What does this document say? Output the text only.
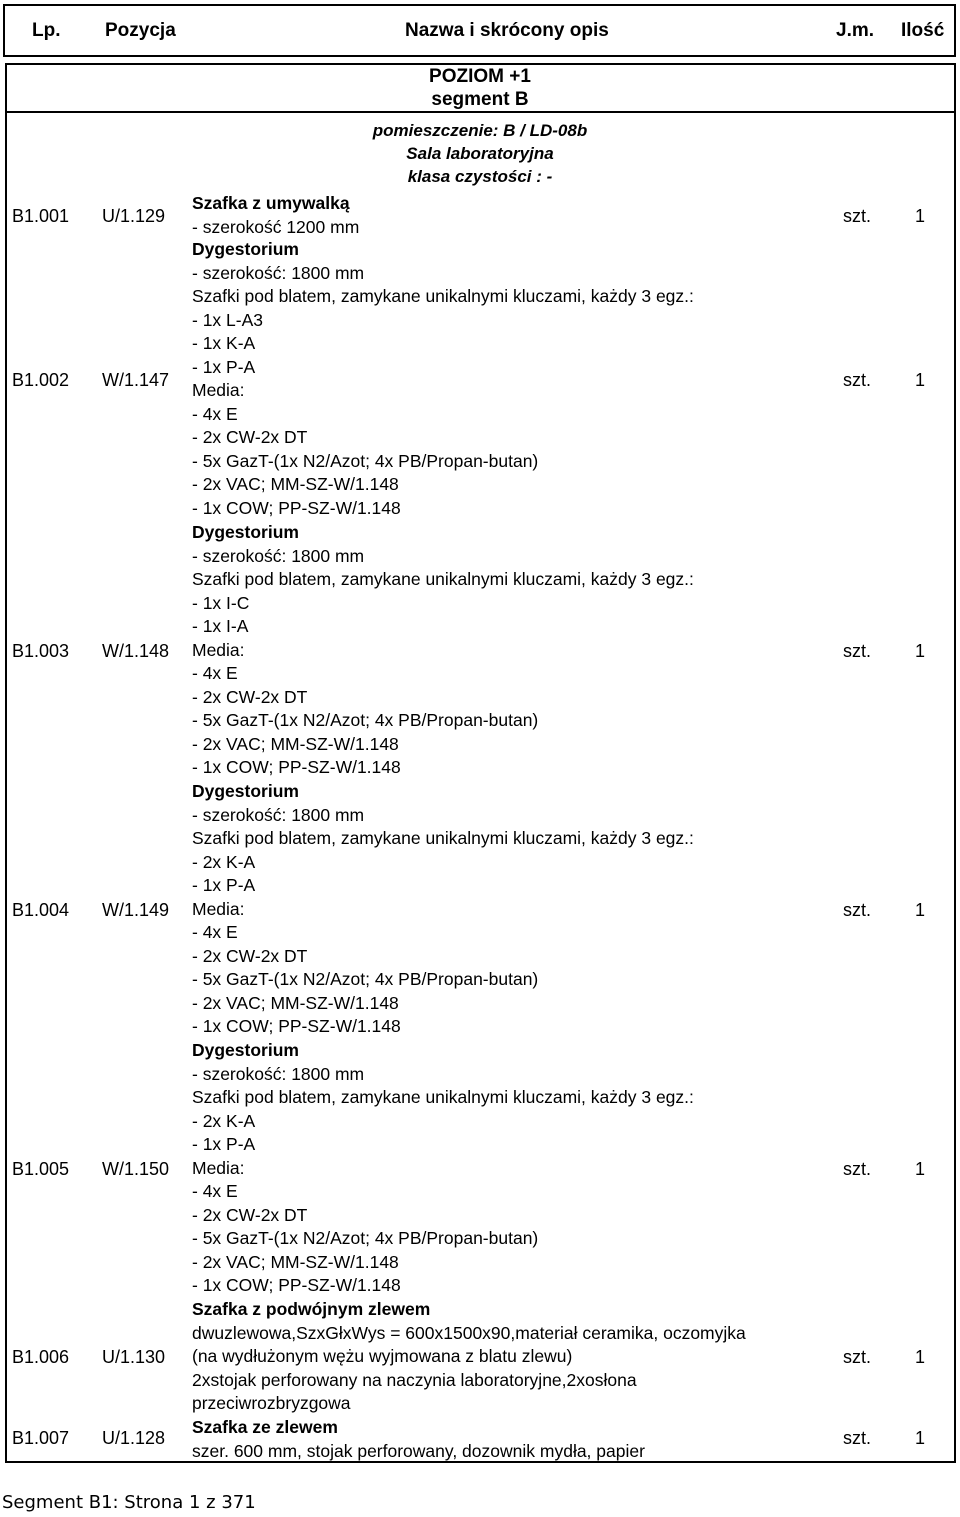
Lp. Pozycja	Nazwa i skrócony opis	J.m. Ilość
POZIOM +1
segment B
pomieszczenie: B / LD-08b
Sala laboratoryjna
klasa czystości : -
B1.001 U/1.129
Szafka z umywalką
- szerokość 1200 mm
szt. 1
B1.002 W/1.147
Dygestorium
- szerokość: 1800 mm
Szafki pod blatem, zamykane unikalnymi kluczami, każdy 3 egz.:
- 1x L-A3
- 1x K-A
- 1x P-A
Media:
- 4x E
- 2x CW-2x DT
- 5x GazT-(1x N2/Azot; 4x PB/Propan-butan)
- 2x VAC; MM-SZ-W/1.148
- 1x COW; PP-SZ-W/1.148
szt. 1
B1.003 W/1.148
Dygestorium
- szerokość: 1800 mm
Szafki pod blatem, zamykane unikalnymi kluczami, każdy 3 egz.:
- 1x I-C
- 1x I-A
Media:
- 4x E
- 2x CW-2x DT
- 5x GazT-(1x N2/Azot; 4x PB/Propan-butan)
- 2x VAC; MM-SZ-W/1.148
- 1x COW; PP-SZ-W/1.148
szt. 1
B1.004 W/1.149
Dygestorium
- szerokość: 1800 mm
Szafki pod blatem, zamykane unikalnymi kluczami, każdy 3 egz.:
- 2x K-A
- 1x P-A
Media:
- 4x E
- 2x CW-2x DT
- 5x GazT-(1x N2/Azot; 4x PB/Propan-butan)
- 2x VAC; MM-SZ-W/1.148
- 1x COW; PP-SZ-W/1.148
szt. 1
B1.005 W/1.150
Dygestorium
- szerokość: 1800 mm
Szafki pod blatem, zamykane unikalnymi kluczami, każdy 3 egz.:
- 2x K-A
- 1x P-A
Media:
- 4x E
- 2x CW-2x DT
- 5x GazT-(1x N2/Azot; 4x PB/Propan-butan)
- 2x VAC; MM-SZ-W/1.148
- 1x COW; PP-SZ-W/1.148
szt. 1
B1.006 U/1.130
Szafka z podwójnym zlewem
dwuzlewowa,SzxGłxWys = 600x1500x90,materiał ceramika, oczomyjka
(na wydłużonym wężu wyjmowana z blatu zlewu)
2xstojak perforowany na naczynia laboratoryjne,2xosłona
przeciwrozbryzgowa
szt. 1
B1.007 U/1.128
Szafka ze zlewem
szer. 600 mm, stojak perforowany, dozownik mydła, papier
szt. 1
Segment B1: Strona 1 z 371
